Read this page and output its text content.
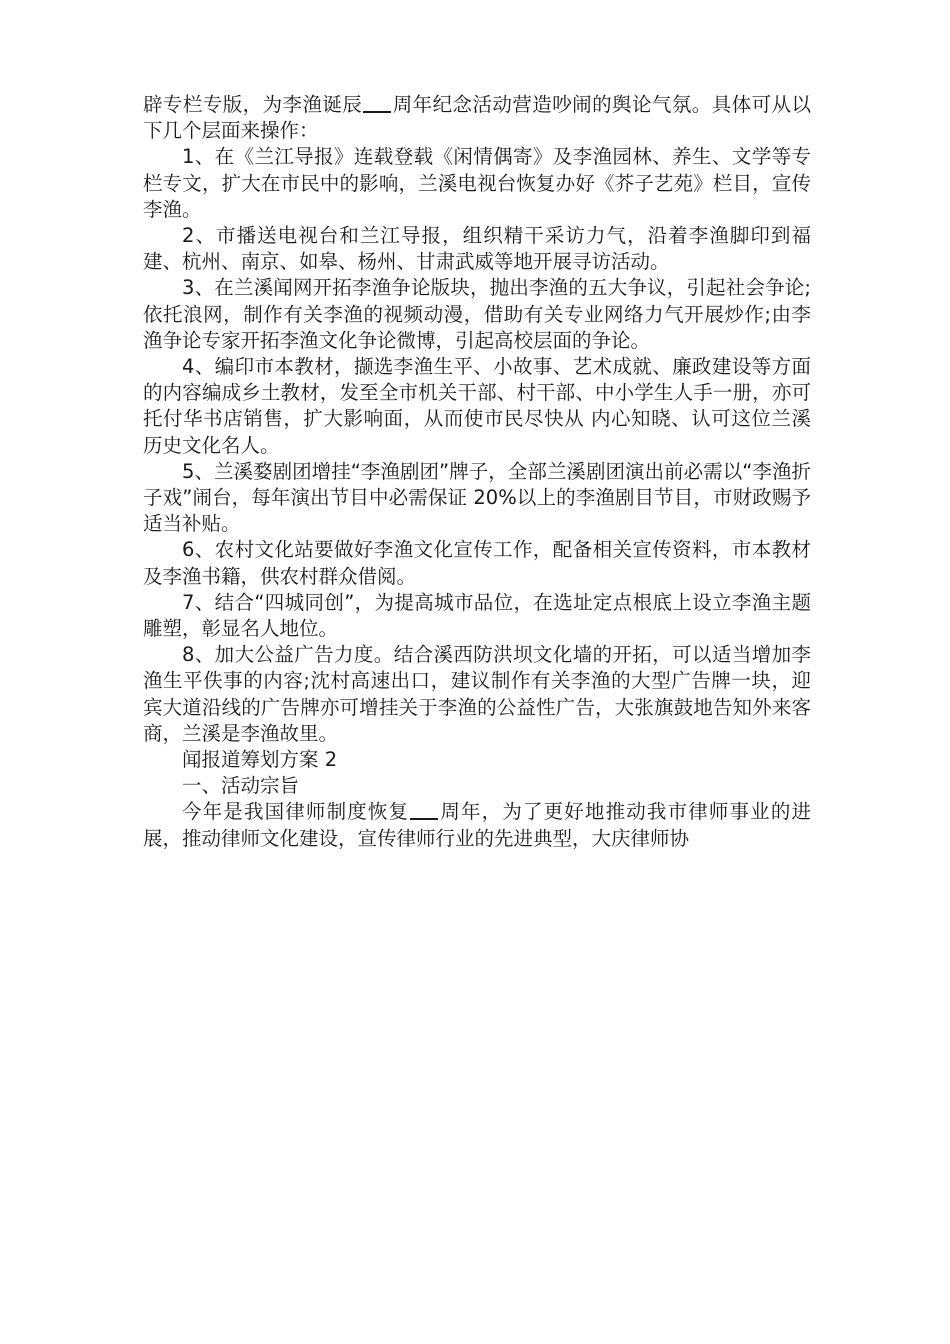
辟专栏专版，为李渔诞辰 周年纪念活动营造吵闹的舆论气氛。具体可从以下几个层面来操作：

1、在《兰江导报》连载登载《闲情偶寄》及李渔园林、养生、文学等专栏专文，扩大在市民中的影响，兰溪电视台恢复办好《芥子艺苑》栏目，宣传李渔。

2、市播送电视台和兰江导报，组织精干采访力气，沿着李渔脚印到福建、杭州、南京、如皋、杨州、甘肃武威等地开展寻访活动。

3、在兰溪闻网开拓李渔争论版块，抛出李渔的五大争议，引起社会争论;依托浪网，制作有关李渔的视频动漫，借助有关专业网络力气开展炒作;由李渔争论专家开拓李渔文化争论微博，引起高校层面的争论。

4、编印市本教材，撷选李渔生平、小故事、艺术成就、廉政建设等方面的内容编成乡土教材，发至全市机关干部、村干部、中小学生人手一册，亦可托付华书店销售，扩大影响面，从而使市民尽快从 内心知晓、认可这位兰溪历史文化名人。

5、兰溪婺剧团增挂“李渔剧团”牌子，全部兰溪剧团演出前必需以“李渔折子戏”闹台，每年演出节目中必需保证 20%以上的李渔剧目节目，市财政赐予适当补贴。

6、农村文化站要做好李渔文化宣传工作，配备相关宣传资料，市本教材及李渔书籍，供农村群众借阅。

7、结合“四城同创”，为提高城市品位，在选址定点根底上设立李渔主题雕塑，彰显名人地位。

8、加大公益广告力度。结合溪西防洪坝文化墙的开拓，可以适当增加李渔生平佚事的内容;沈村高速出口，建议制作有关李渔的大型广告牌一块，迎宾大道沿线的广告牌亦可增挂关于李渔的公益性广告，大张旗鼓地告知外来客商，兰溪是李渔故里。

闻报道筹划方案 2

一、活动宗旨

今年是我国律师制度恢复 周年，为了更好地推动我市律师事业的进展，推动律师文化建设，宣传律师行业的先进典型，大庆律师协
